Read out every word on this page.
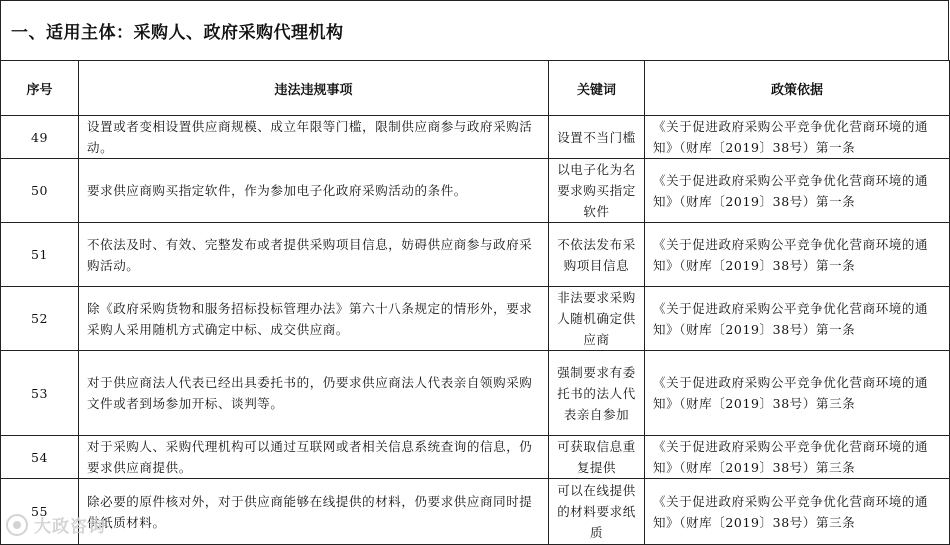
一、适用主体：采购人、政府采购代理机构
序号	违法违规事项	关键词	政策依据
49	设置或者变相设置供应商规模、成立年限等门槛，限制供应商参与政府采购活动。	设置不当门槛	《关于促进政府采购公平竞争优化营商环境的通知》（财库〔2019〕38号）第一条
50	要求供应商购买指定软件，作为参加电子化政府采购活动的条件。	以电子化为名要求购买指定软件	《关于促进政府采购公平竞争优化营商环境的通知》（财库〔2019〕38号）第一条
51	不依法及时、有效、完整发布或者提供采购项目信息，妨碍供应商参与政府采购活动。	不依法发布采购项目信息	《关于促进政府采购公平竞争优化营商环境的通知》（财库〔2019〕38号）第一条
52	除《政府采购货物和服务招标投标管理办法》第六十八条规定的情形外，要求采购人采用随机方式确定中标、成交供应商。	非法要求采购人随机确定供应商	《关于促进政府采购公平竞争优化营商环境的通知》（财库〔2019〕38号）第一条
53	对于供应商法人代表已经出具委托书的，仍要求供应商法人代表亲自领购采购文件或者到场参加开标、谈判等。	强制要求有委托书的法人代表亲自参加	《关于促进政府采购公平竞争优化营商环境的通知》（财库〔2019〕38号）第三条
54	对于采购人、采购代理机构可以通过互联网或者相关信息系统查询的信息，仍要求供应商提供。	可获取信息重复提供	《关于促进政府采购公平竞争优化营商环境的通知》（财库〔2019〕38号）第三条
55	除必要的原件核对外，对于供应商能够在线提供的材料，仍要求供应商同时提供纸质材料。	可以在线提供的材料要求纸质	《关于促进政府采购公平竞争优化营商环境的通知》（财库〔2019〕38号）第三条
大政咨询
